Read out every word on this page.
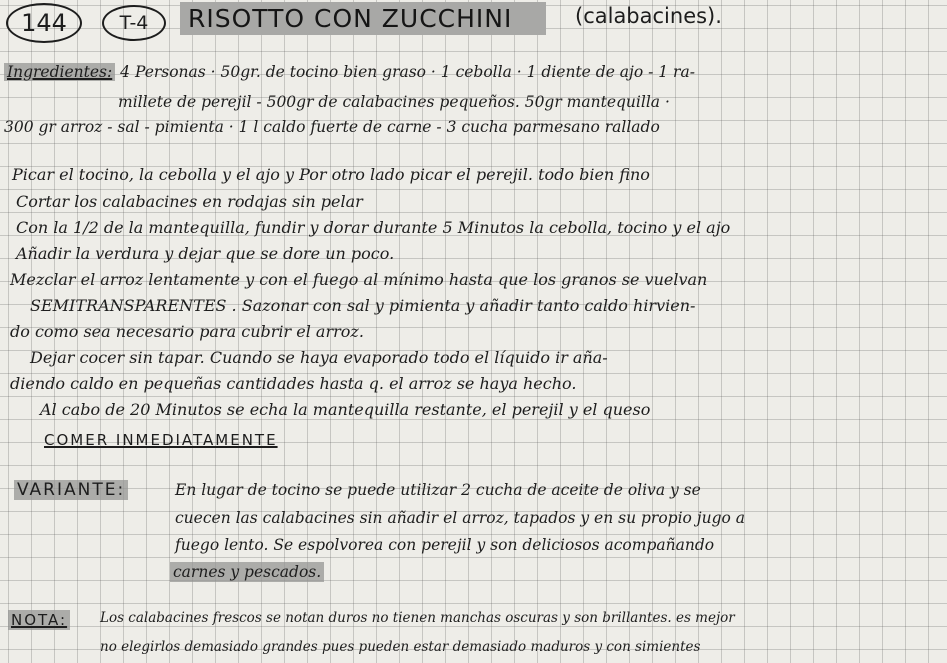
144	T-4 RISOTTO CON ZUCCHINI	(calabacines).
Ingredientes: 4 Personas · 50gr. de tocino bien graso · 1 cebolla · 1 diente de ajo - 1 ra-
millete de perejil - 500gr de calabacines pequeños. 50gr mantequilla ·
300 gr arroz - sal - pimienta · 1 l caldo fuerte de carne - 3 cucha parmesano rallado
Picar el tocino, la cebolla y el ajo y Por otro lado picar el perejil. todo bien fino
Cortar los calabacines en rodajas sin pelar
Con la 1/2 de la mantequilla, fundir y dorar durante 5 Minutos la cebolla, tocino y el ajo
Añadir la verdura y dejar que se dore un poco.
Mezclar el arroz lentamente y con el fuego al mínimo hasta que los granos se vuelvan
SEMITRANSPARENTES . Sazonar con sal y pimienta y añadir tanto caldo hirvien-
do como sea necesario para cubrir el arroz.
Dejar cocer sin tapar. Cuando se haya evaporado todo el líquido ir aña-
diendo caldo en pequeñas cantidades hasta q. el arroz se haya hecho.
Al cabo de 20 Minutos se echa la mantequilla restante, el perejil y el queso
COMER INMEDIATAMENTE
VARIANTE:	En lugar de tocino se puede utilizar 2 cucha de aceite de oliva y se
cuecen las calabacines sin añadir el arroz, tapados y en su propio jugo a
fuego lento. Se espolvorea con perejil y son deliciosos acompañando
carnes y pescados.
NOTA: Los calabacines frescos se notan duros no tienen manchas oscuras y son brillantes. es mejor
no elegirlos demasiado grandes pues pueden estar demasiado maduros y con simientes
